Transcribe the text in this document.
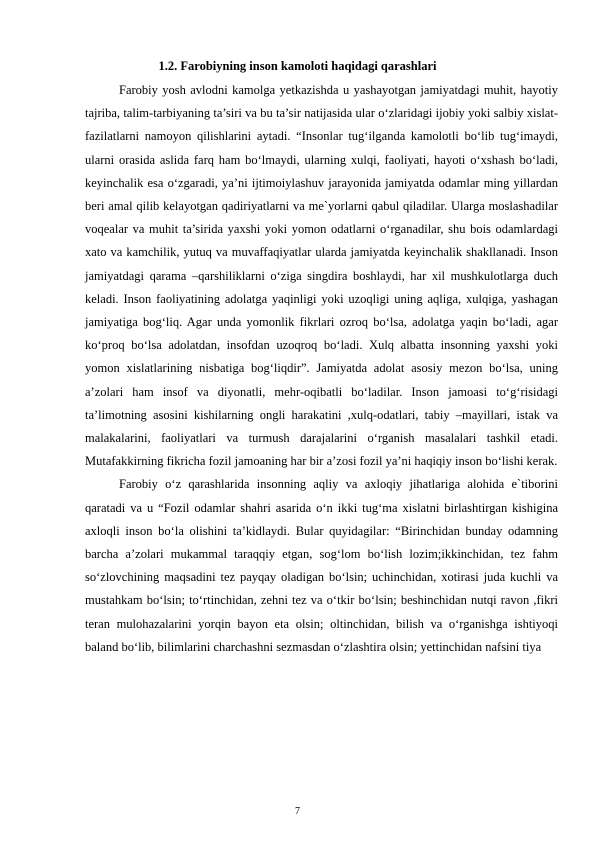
1.2. Farobiyning inson kamoloti haqidagi qarashlari

Farobiy yosh avlodni kamolga yetkazishda u yashayotgan jamiyatdagi muhit, hayotiy tajriba, talim-tarbiyaning ta’siri va bu ta’sir natijasida ular o‘zlaridagi ijobiy yoki salbiy xislat-fazilatlarni namoyon qilishlarini aytadi. “Insonlar tug‘ilganda kamolotli bo‘lib tug‘imaydi, ularni orasida aslida farq ham bo‘lmaydi, ularning xulqi, faoliyati, hayoti o‘xshash bo‘ladi, keyinchalik esa o‘zgaradi, ya’ni ijtimoiylashuv jarayonida jamiyatda odamlar ming yillardan beri amal qilib kelayotgan qadiriyatlarni va me`yorlarni qabul qiladilar. Ularga moslashadilar voqealar va muhit ta’sirida yaxshi yoki yomon odatlarni o‘rganadilar, shu bois odamlardagi xato va kamchilik, yutuq va muvaffaqiyatlar ularda jamiyatda keyinchalik shakllanadi. Inson jamiyatdagi qarama –qarshiliklarni o‘ziga singdira boshlaydi, har xil mushkulotlarga duch keladi. Inson faoliyatining adolatga yaqinligi yoki uzoqligi uning aqliga, xulqiga, yashagan jamiyatiga bog‘liq. Agar unda yomonlik fikrlari ozroq bo‘lsa, adolatga yaqin bo‘ladi, agar ko‘proq bo‘lsa adolatdan, insofdan uzoqroq bo‘ladi. Xulq albatta insonning yaxshi yoki yomon xislatlarining nisbatiga bog‘liqdir”. Jamiyatda adolat asosiy mezon bo‘lsa, uning a’zolari ham insof va diyonatli, mehr-oqibatli bo‘ladilar. Inson jamoasi to‘g‘risidagi ta’limotning asosini kishilarning ongli harakatini ,xulq-odatlari, tabiy –mayillari, istak va malakalarini, faoliyatlari va turmush darajalarini o‘rganish masalalari tashkil etadi. Mutafakkirning fikricha fozil jamoaning har bir a’zosi fozil ya’ni haqiqiy inson bo‘lishi kerak.

Farobiy o‘z qarashlarida insonning aqliy va axloqiy jihatlariga alohida e`tiborini qaratadi va u “Fozil odamlar shahri asarida o‘n ikki tug‘ma xislatni birlashtirgan kishigina axloqli inson bo‘la olishini ta’kidlaydi. Bular quyidagilar: “Birinchidan bunday odamning barcha a’zolari mukammal taraqqiy etgan, sog‘lom bo‘lish lozim;ikkinchidan, tez fahm so‘zlovchining maqsadini tez payqay oladigan bo‘lsin; uchinchidan, xotirasi juda kuchli va mustahkam bo‘lsin; to‘rtinchidan, zehni tez va o‘tkir bo‘lsin; beshinchidan nutqi ravon ,fikri teran mulohazalarini yorqin bayon eta olsin; oltinchidan, bilish va o‘rganishga ishtiyoqi baland bo‘lib, bilimlarini charchashni sezmasdan o‘zlashtira olsin; yettinchidan nafsini tiya

7
